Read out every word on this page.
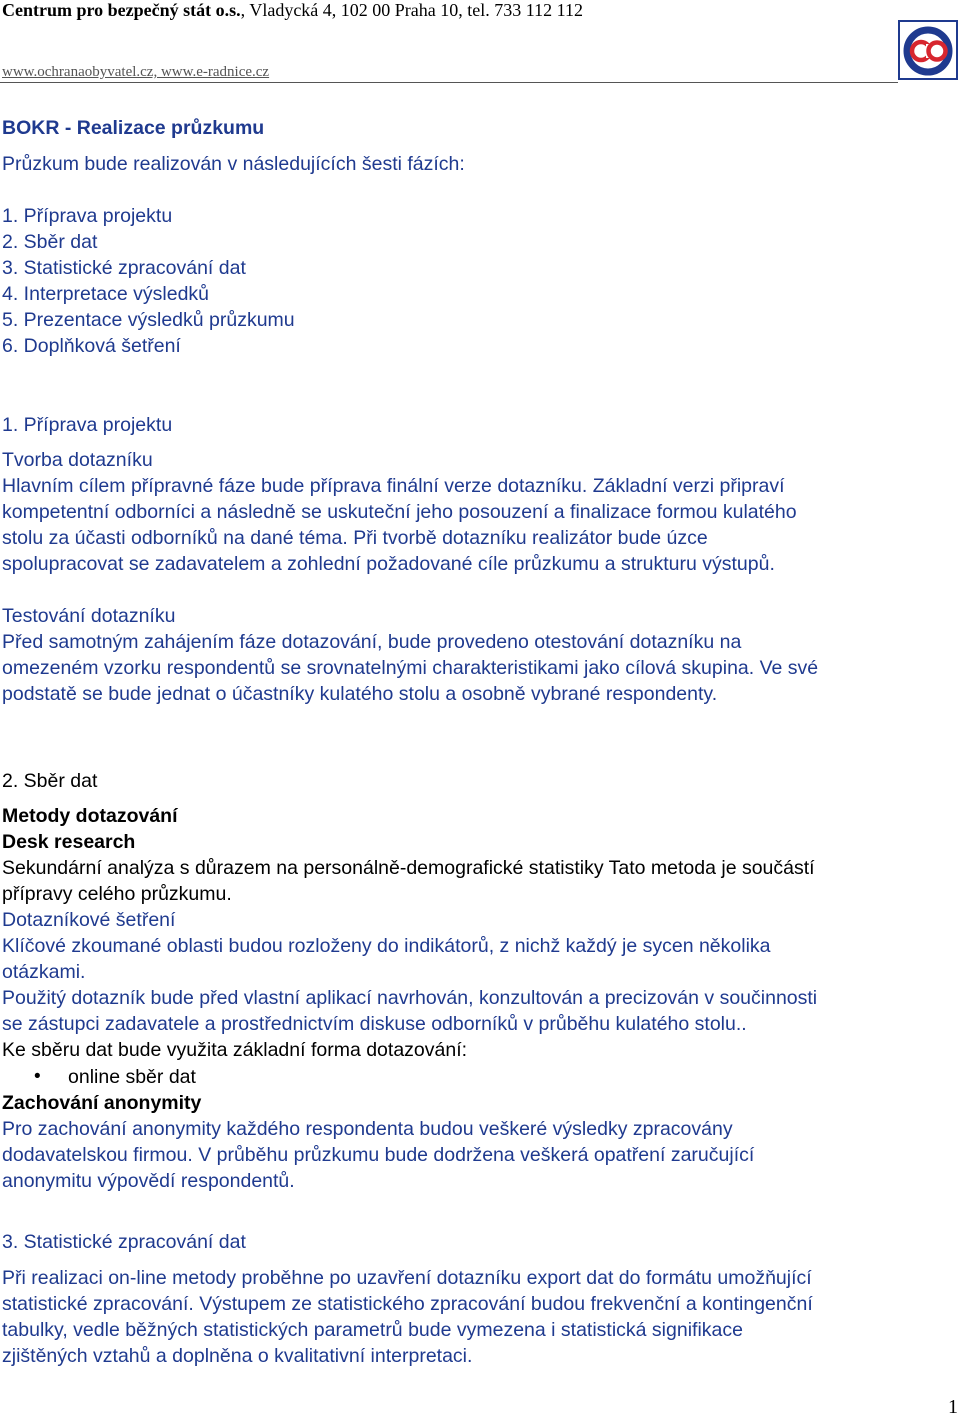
Centrum pro bezpečný stát o.s., Vladycká 4, 102 00 Praha 10, tel. 733 112 112
www.ochranaobyvatel.cz, www.e-radnice.cz
BOKR - Realizace průzkumu
Průzkum bude realizován v následujících šesti fázích:
1. Příprava projektu
2. Sběr dat
3. Statistické zpracování dat
4. Interpretace výsledků
5. Prezentace výsledků průzkumu
6. Doplňková šetření
1. Příprava projektu
Tvorba dotazníku
Hlavním cílem přípravné fáze bude příprava finální verze dotazníku. Základní verzi připraví
kompetentní odborníci a následně se uskuteční jeho posouzení a finalizace formou kulatého
stolu za účasti odborníků na dané téma. Při tvorbě dotazníku realizátor bude úzce
spolupracovat se zadavatelem a zohlední požadované cíle průzkumu a strukturu výstupů.
Testování dotazníku
Před samotným zahájením fáze dotazování, bude provedeno otestování dotazníku na
omezeném vzorku respondentů se srovnatelnými charakteristikami jako cílová skupina. Ve své
podstatě se bude jednat o účastníky kulatého stolu a osobně vybrané respondenty.
2. Sběr dat
Metody dotazování
Desk research
Sekundární analýza s důrazem na personálně-demografické statistiky Tato metoda je součástí
přípravy celého průzkumu.
Dotazníkové šetření
Klíčové zkoumané oblasti budou rozloženy do indikátorů, z nichž každý je sycen několika
otázkami.
Použitý dotazník bude před vlastní aplikací navrhován, konzultován a precizován v součinnosti
se zástupci zadavatele a prostřednictvím diskuse odborníků v průběhu kulatého stolu..
Ke sběru dat bude využita základní forma dotazování:
• online sběr dat
Zachování anonymity
Pro zachování anonymity každého respondenta budou veškeré výsledky zpracovány
dodavatelskou firmou. V průběhu průzkumu bude dodržena veškerá opatření zaručující
anonymitu výpovědí respondentů.
3. Statistické zpracování dat
Při realizaci on-line metody proběhne po uzavření dotazníku export dat do formátu umožňující
statistické zpracování. Výstupem ze statistického zpracování budou frekvenční a kontingenční
tabulky, vedle běžných statistických parametrů bude vymezena i statistická signifikace
zjištěných vztahů a doplněna o kvalitativní interpretaci.
1
